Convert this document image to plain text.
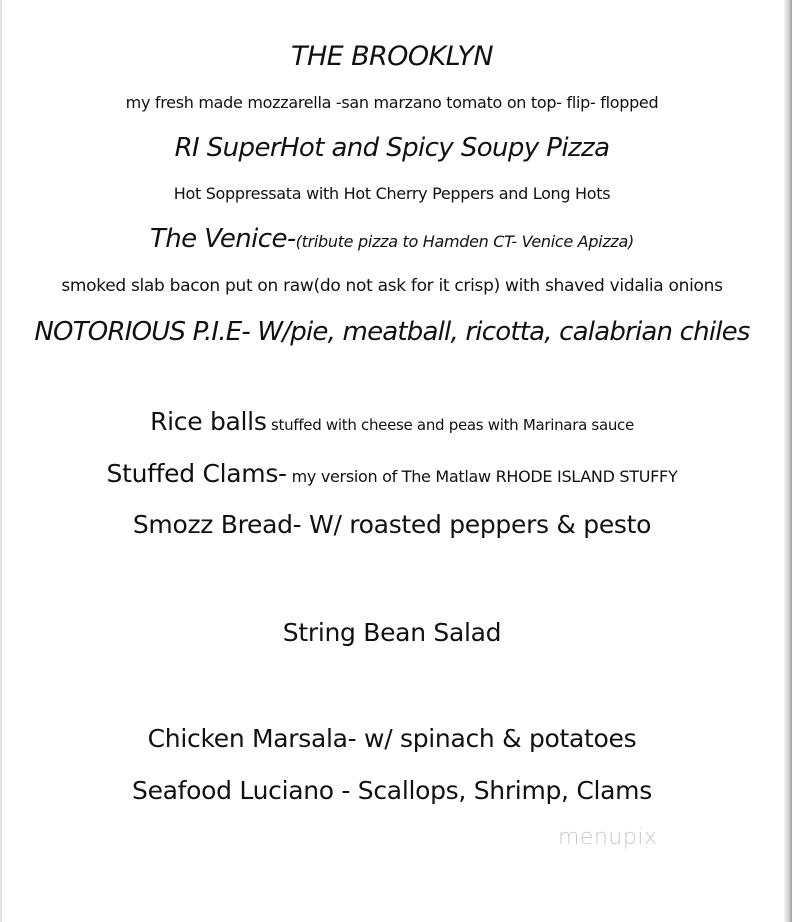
THE BROOKLYN
my fresh made mozzarella -san marzano tomato on top- flip- flopped
RI SuperHot and Spicy Soupy Pizza
Hot Soppressata with Hot Cherry Peppers and Long Hots
The Venice-(tribute pizza to Hamden CT- Venice Apizza)
smoked slab bacon put on raw(do not ask for it crisp) with shaved vidalia onions
NOTORIOUS P.I.E- W/pie, meatball, ricotta, calabrian chiles
Rice balls stuffed with cheese and peas with Marinara sauce
Stuffed Clams- my version of The Matlaw RHODE ISLAND STUFFY
Smozz Bread- W/ roasted peppers & pesto
String Bean Salad
Chicken Marsala- w/ spinach & potatoes
Seafood Luciano - Scallops, Shrimp, Clams
menupix
